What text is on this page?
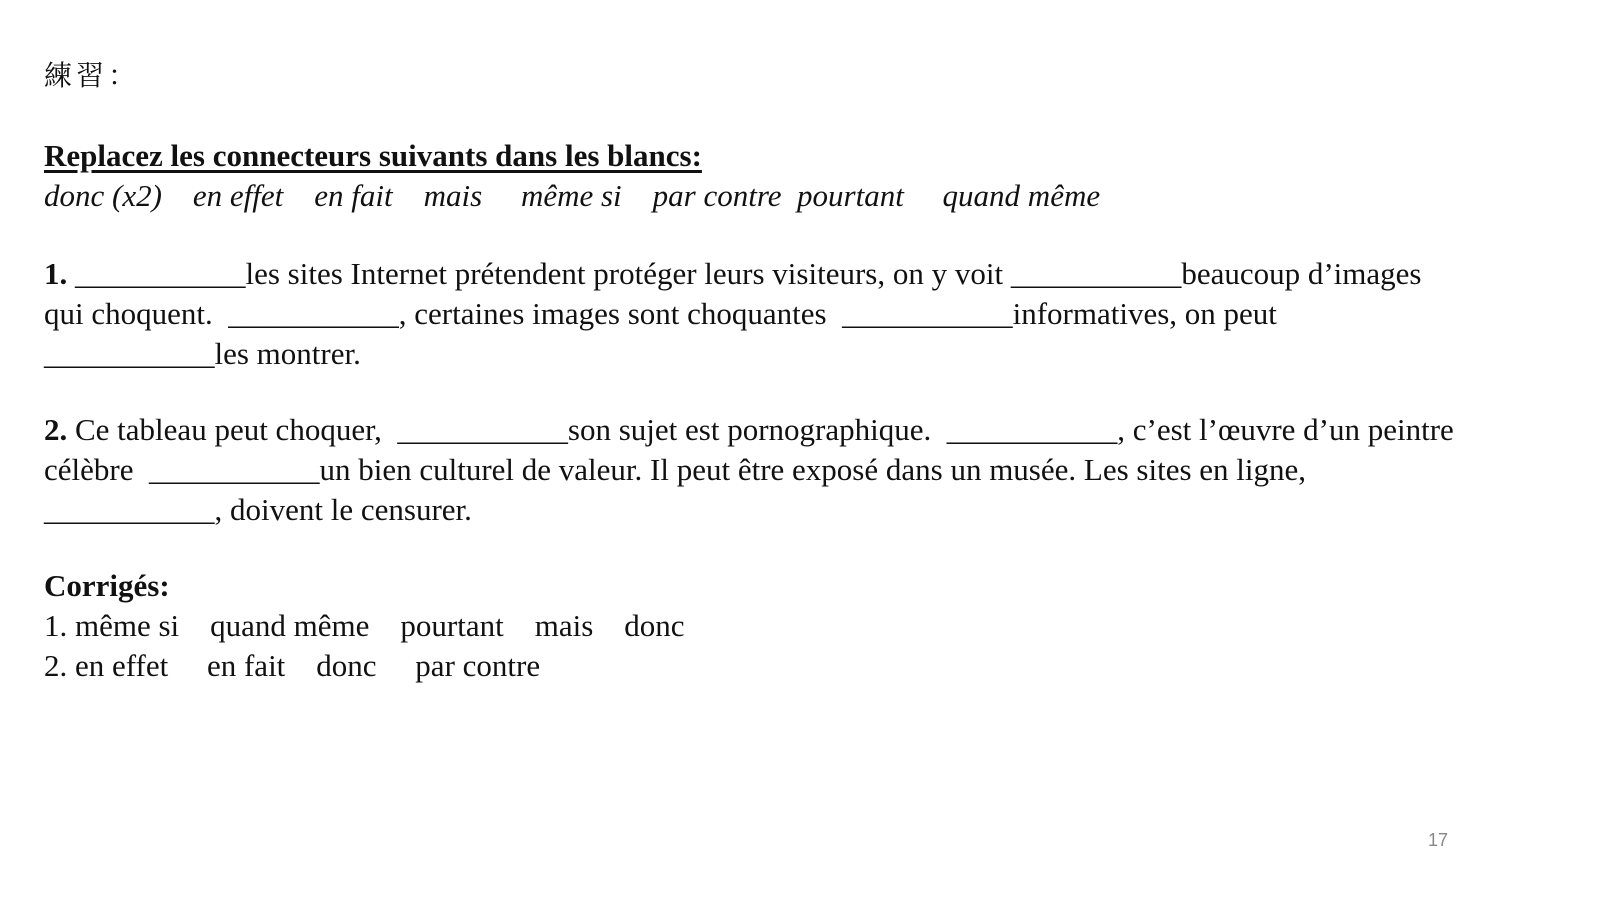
練習：
Replacez les connecteurs suivants dans les blancs:
donc (x2)    en effet    en fait    mais     même si    par contre  pourtant     quand même
1. ___________les sites Internet prétendent protéger leurs visiteurs, on y voit ___________beaucoup d’images
qui choquent.  ___________, certaines images sont choquantes  ___________informatives, on peut
___________les montrer.
2. Ce tableau peut choquer,  ___________son sujet est pornographique.  ___________, c’est l’œuvre d’un peintre
célèbre  ___________un bien culturel de valeur. Il peut être exposé dans un musée. Les sites en ligne,
___________, doivent le censurer.
Corrigés:
1. même si    quand même    pourtant    mais    donc
2. en effet     en fait    donc     par contre
17
